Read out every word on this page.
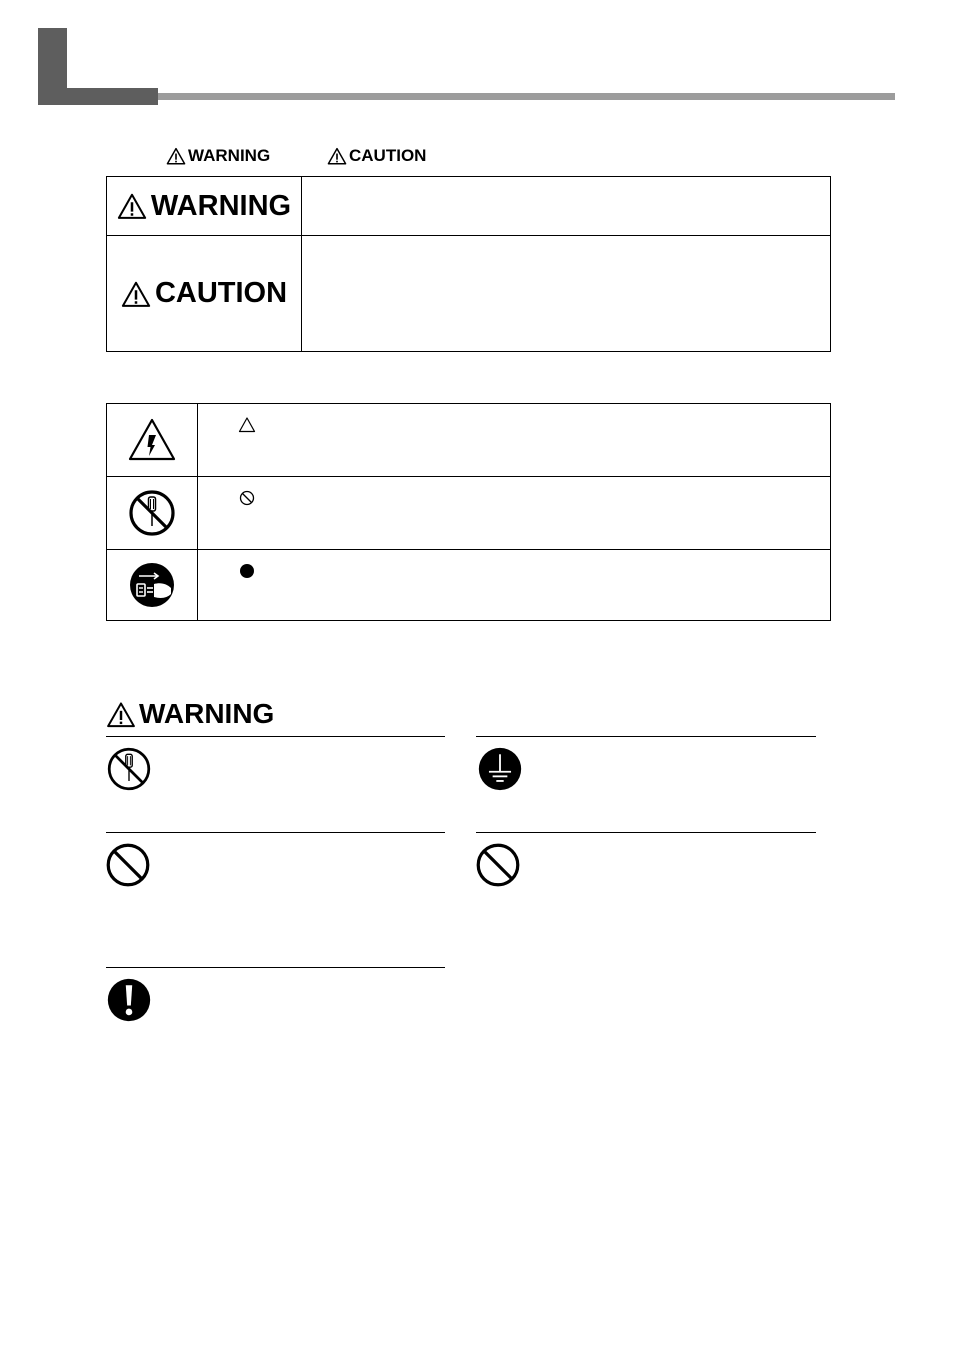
WARNING	CAUTION
WARNING
CAUTION
WARNING
